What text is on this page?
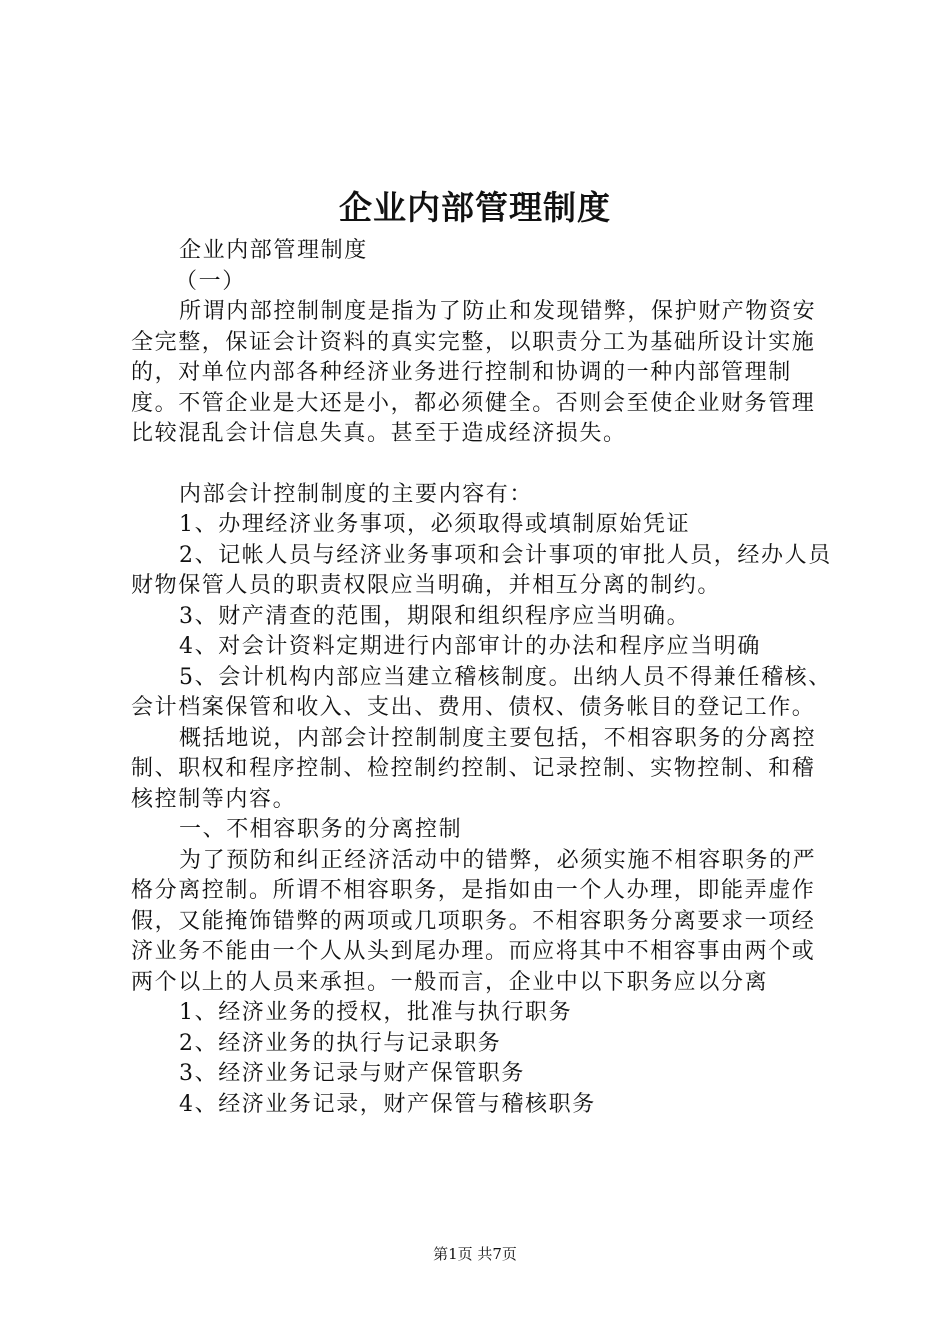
企业内部管理制度

企业内部管理制度

（一）

所谓内部控制制度是指为了防止和发现错弊，保护财产物资安全完整，保证会计资料的真实完整，以职责分工为基础所设计实施的，对单位内部各种经济业务进行控制和协调的一种内部管理制度。不管企业是大还是小，都必须健全。否则会至使企业财务管理比较混乱会计信息失真。甚至于造成经济损失。

内部会计控制制度的主要内容有：

1、办理经济业务事项，必须取得或填制原始凭证

2、记帐人员与经济业务事项和会计事项的审批人员，经办人员财物保管人员的职责权限应当明确，并相互分离的制约。

3、财产清查的范围，期限和组织程序应当明确。

4、对会计资料定期进行内部审计的办法和程序应当明确

5、会计机构内部应当建立稽核制度。出纳人员不得兼任稽核、会计档案保管和收入、支出、费用、债权、债务帐目的登记工作。

概括地说，内部会计控制制度主要包括，不相容职务的分离控制、职权和程序控制、检控制约控制、记录控制、实物控制、和稽核控制等内容。

一、不相容职务的分离控制

为了预防和纠正经济活动中的错弊，必须实施不相容职务的严格分离控制。所谓不相容职务，是指如由一个人办理，即能弄虚作假，又能掩饰错弊的两项或几项职务。不相容职务分离要求一项经济业务不能由一个人从头到尾办理。而应将其中不相容事由两个或两个以上的人员来承担。一般而言，企业中以下职务应以分离

1、经济业务的授权，批准与执行职务

2、经济业务的执行与记录职务

3、经济业务记录与财产保管职务

4、经济业务记录，财产保管与稽核职务

第1页 共7页
